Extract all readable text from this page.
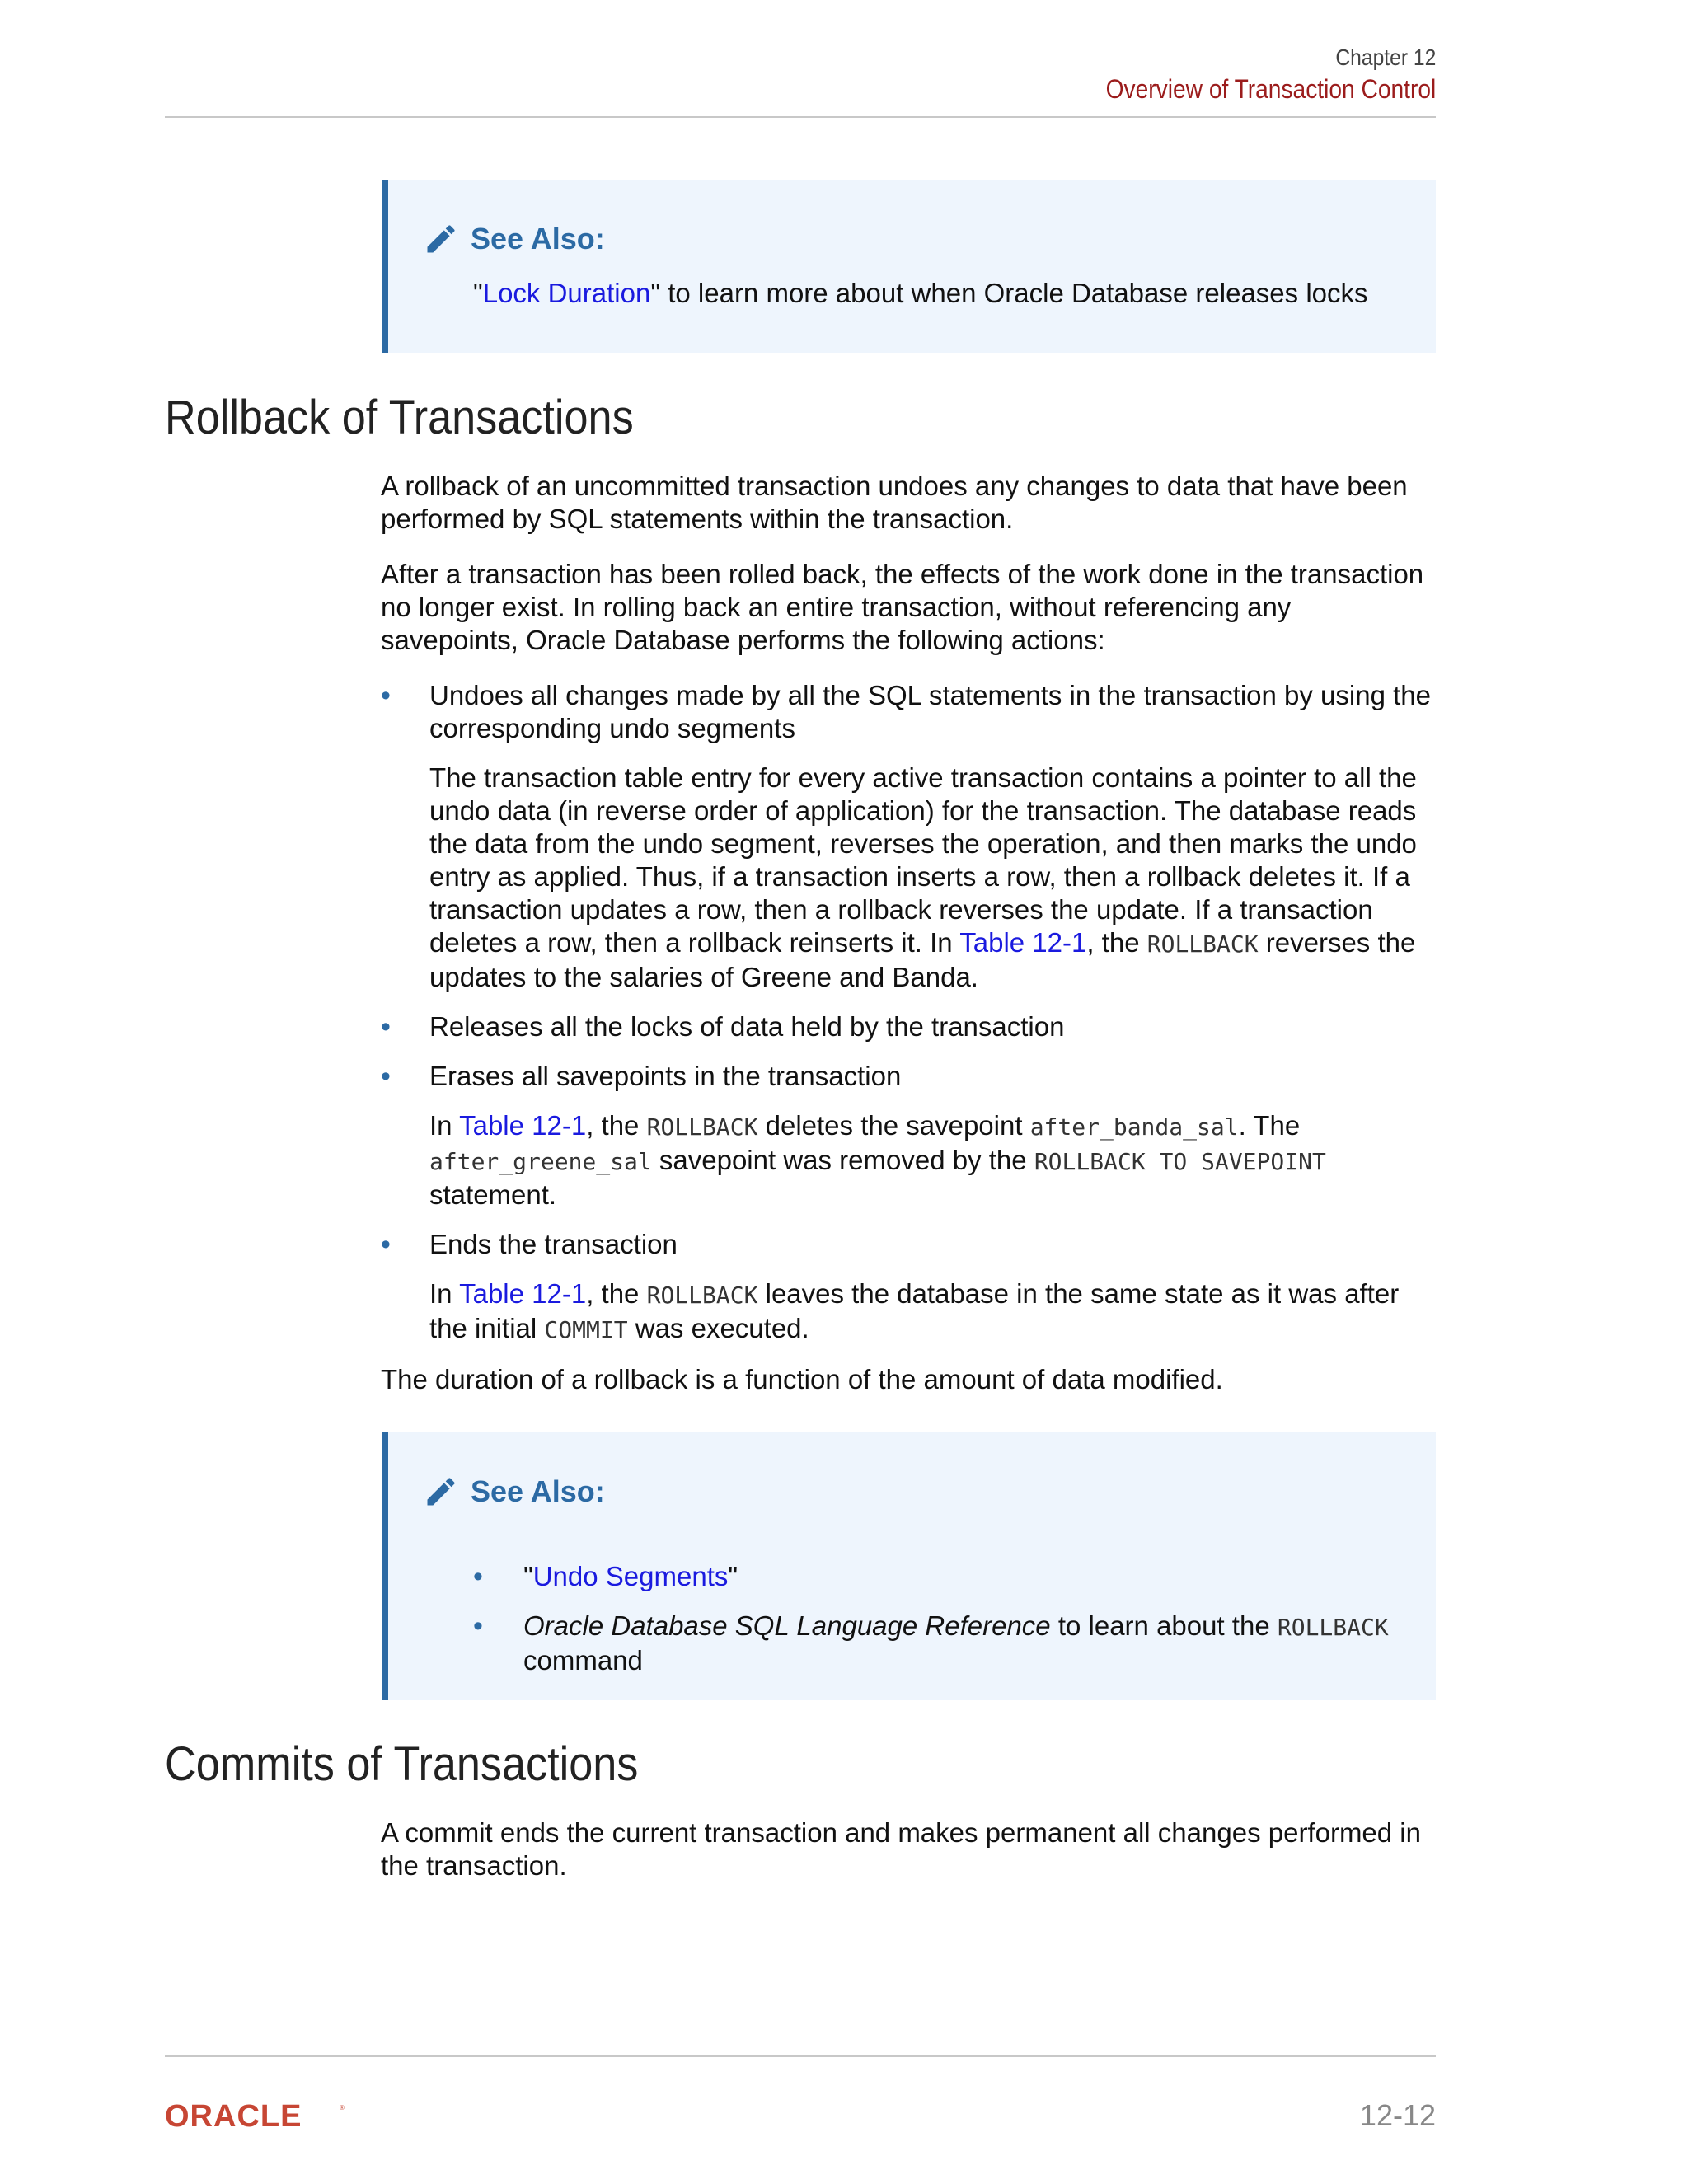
Chapter 12
Overview of Transaction Control
See Also:
"Lock Duration" to learn more about when Oracle Database releases locks
Rollback of Transactions

A rollback of an uncommitted transaction undoes any changes to data that have been performed by SQL statements within the transaction.

After a transaction has been rolled back, the effects of the work done in the transaction no longer exist. In rolling back an entire transaction, without referencing any savepoints, Oracle Database performs the following actions:

• Undoes all changes made by all the SQL statements in the transaction by using the corresponding undo segments

The transaction table entry for every active transaction contains a pointer to all the undo data (in reverse order of application) for the transaction. The database reads the data from the undo segment, reverses the operation, and then marks the undo entry as applied. Thus, if a transaction inserts a row, then a rollback deletes it. If a transaction updates a row, then a rollback reverses the update. If a transaction deletes a row, then a rollback reinserts it. In Table 12-1, the ROLLBACK reverses the updates to the salaries of Greene and Banda.

• Releases all the locks of data held by the transaction
• Erases all savepoints in the transaction

In Table 12-1, the ROLLBACK deletes the savepoint after_banda_sal. The after_greene_sal savepoint was removed by the ROLLBACK TO SAVEPOINT statement.

• Ends the transaction

In Table 12-1, the ROLLBACK leaves the database in the same state as it was after the initial COMMIT was executed.

The duration of a rollback is a function of the amount of data modified.

See Also:
• "Undo Segments"
• Oracle Database SQL Language Reference to learn about the ROLLBACK
command
Commits of Transactions

A commit ends the current transaction and makes permanent all changes performed in the transaction.

ORACLE	®	12-12
